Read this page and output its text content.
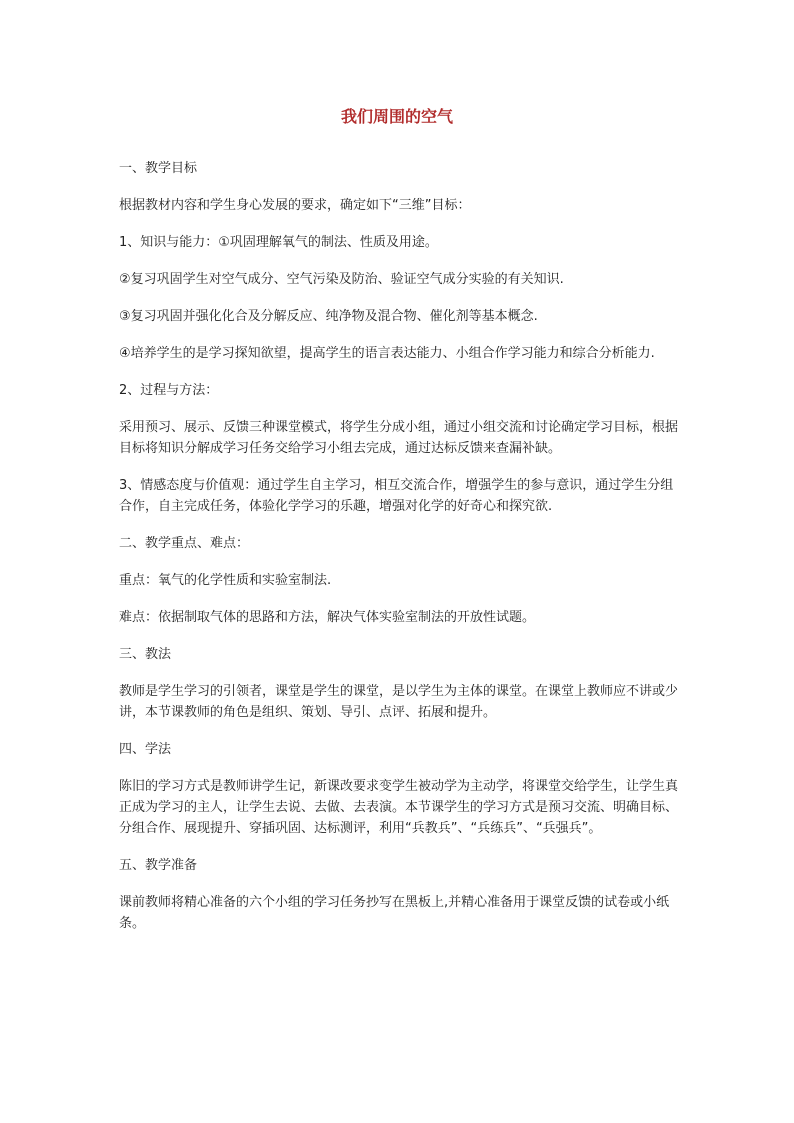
我们周围的空气

一、教学目标

根据教材内容和学生身心发展的要求，确定如下“三维”目标：

1、知识与能力：①巩固理解氧气的制法、性质及用途。

②复习巩固学生对空气成分、空气污染及防治、验证空气成分实验的有关知识.

③复习巩固并强化化合及分解反应、纯净物及混合物、催化剂等基本概念.

④培养学生的是学习探知欲望，提高学生的语言表达能力、小组合作学习能力和综合分析能力.

2、过程与方法：

采用预习、展示、反馈三种课堂模式，将学生分成小组，通过小组交流和讨论确定学习目标，根据目标将知识分解成学习任务交给学习小组去完成，通过达标反馈来查漏补缺。

3、情感态度与价值观：通过学生自主学习，相互交流合作，增强学生的参与意识，通过学生分组合作，自主完成任务，体验化学学习的乐趣，增强对化学的好奇心和探究欲.

二、教学重点、难点：

重点：氧气的化学性质和实验室制法.

难点：依据制取气体的思路和方法，解决气体实验室制法的开放性试题。

三、教法

教师是学生学习的引领者，课堂是学生的课堂，是以学生为主体的课堂。在课堂上教师应不讲或少讲，本节课教师的角色是组织、策划、导引、点评、拓展和提升。

四、学法

陈旧的学习方式是教师讲学生记，新课改要求变学生被动学为主动学，将课堂交给学生，让学生真正成为学习的主人，让学生去说、去做、去表演。本节课学生的学习方式是预习交流、明确目标、分组合作、展现提升、穿插巩固、达标测评，利用“兵教兵”、“兵练兵”、“兵强兵”。

五、教学准备

课前教师将精心准备的六个小组的学习任务抄写在黑板上,并精心准备用于课堂反馈的试卷或小纸条。
